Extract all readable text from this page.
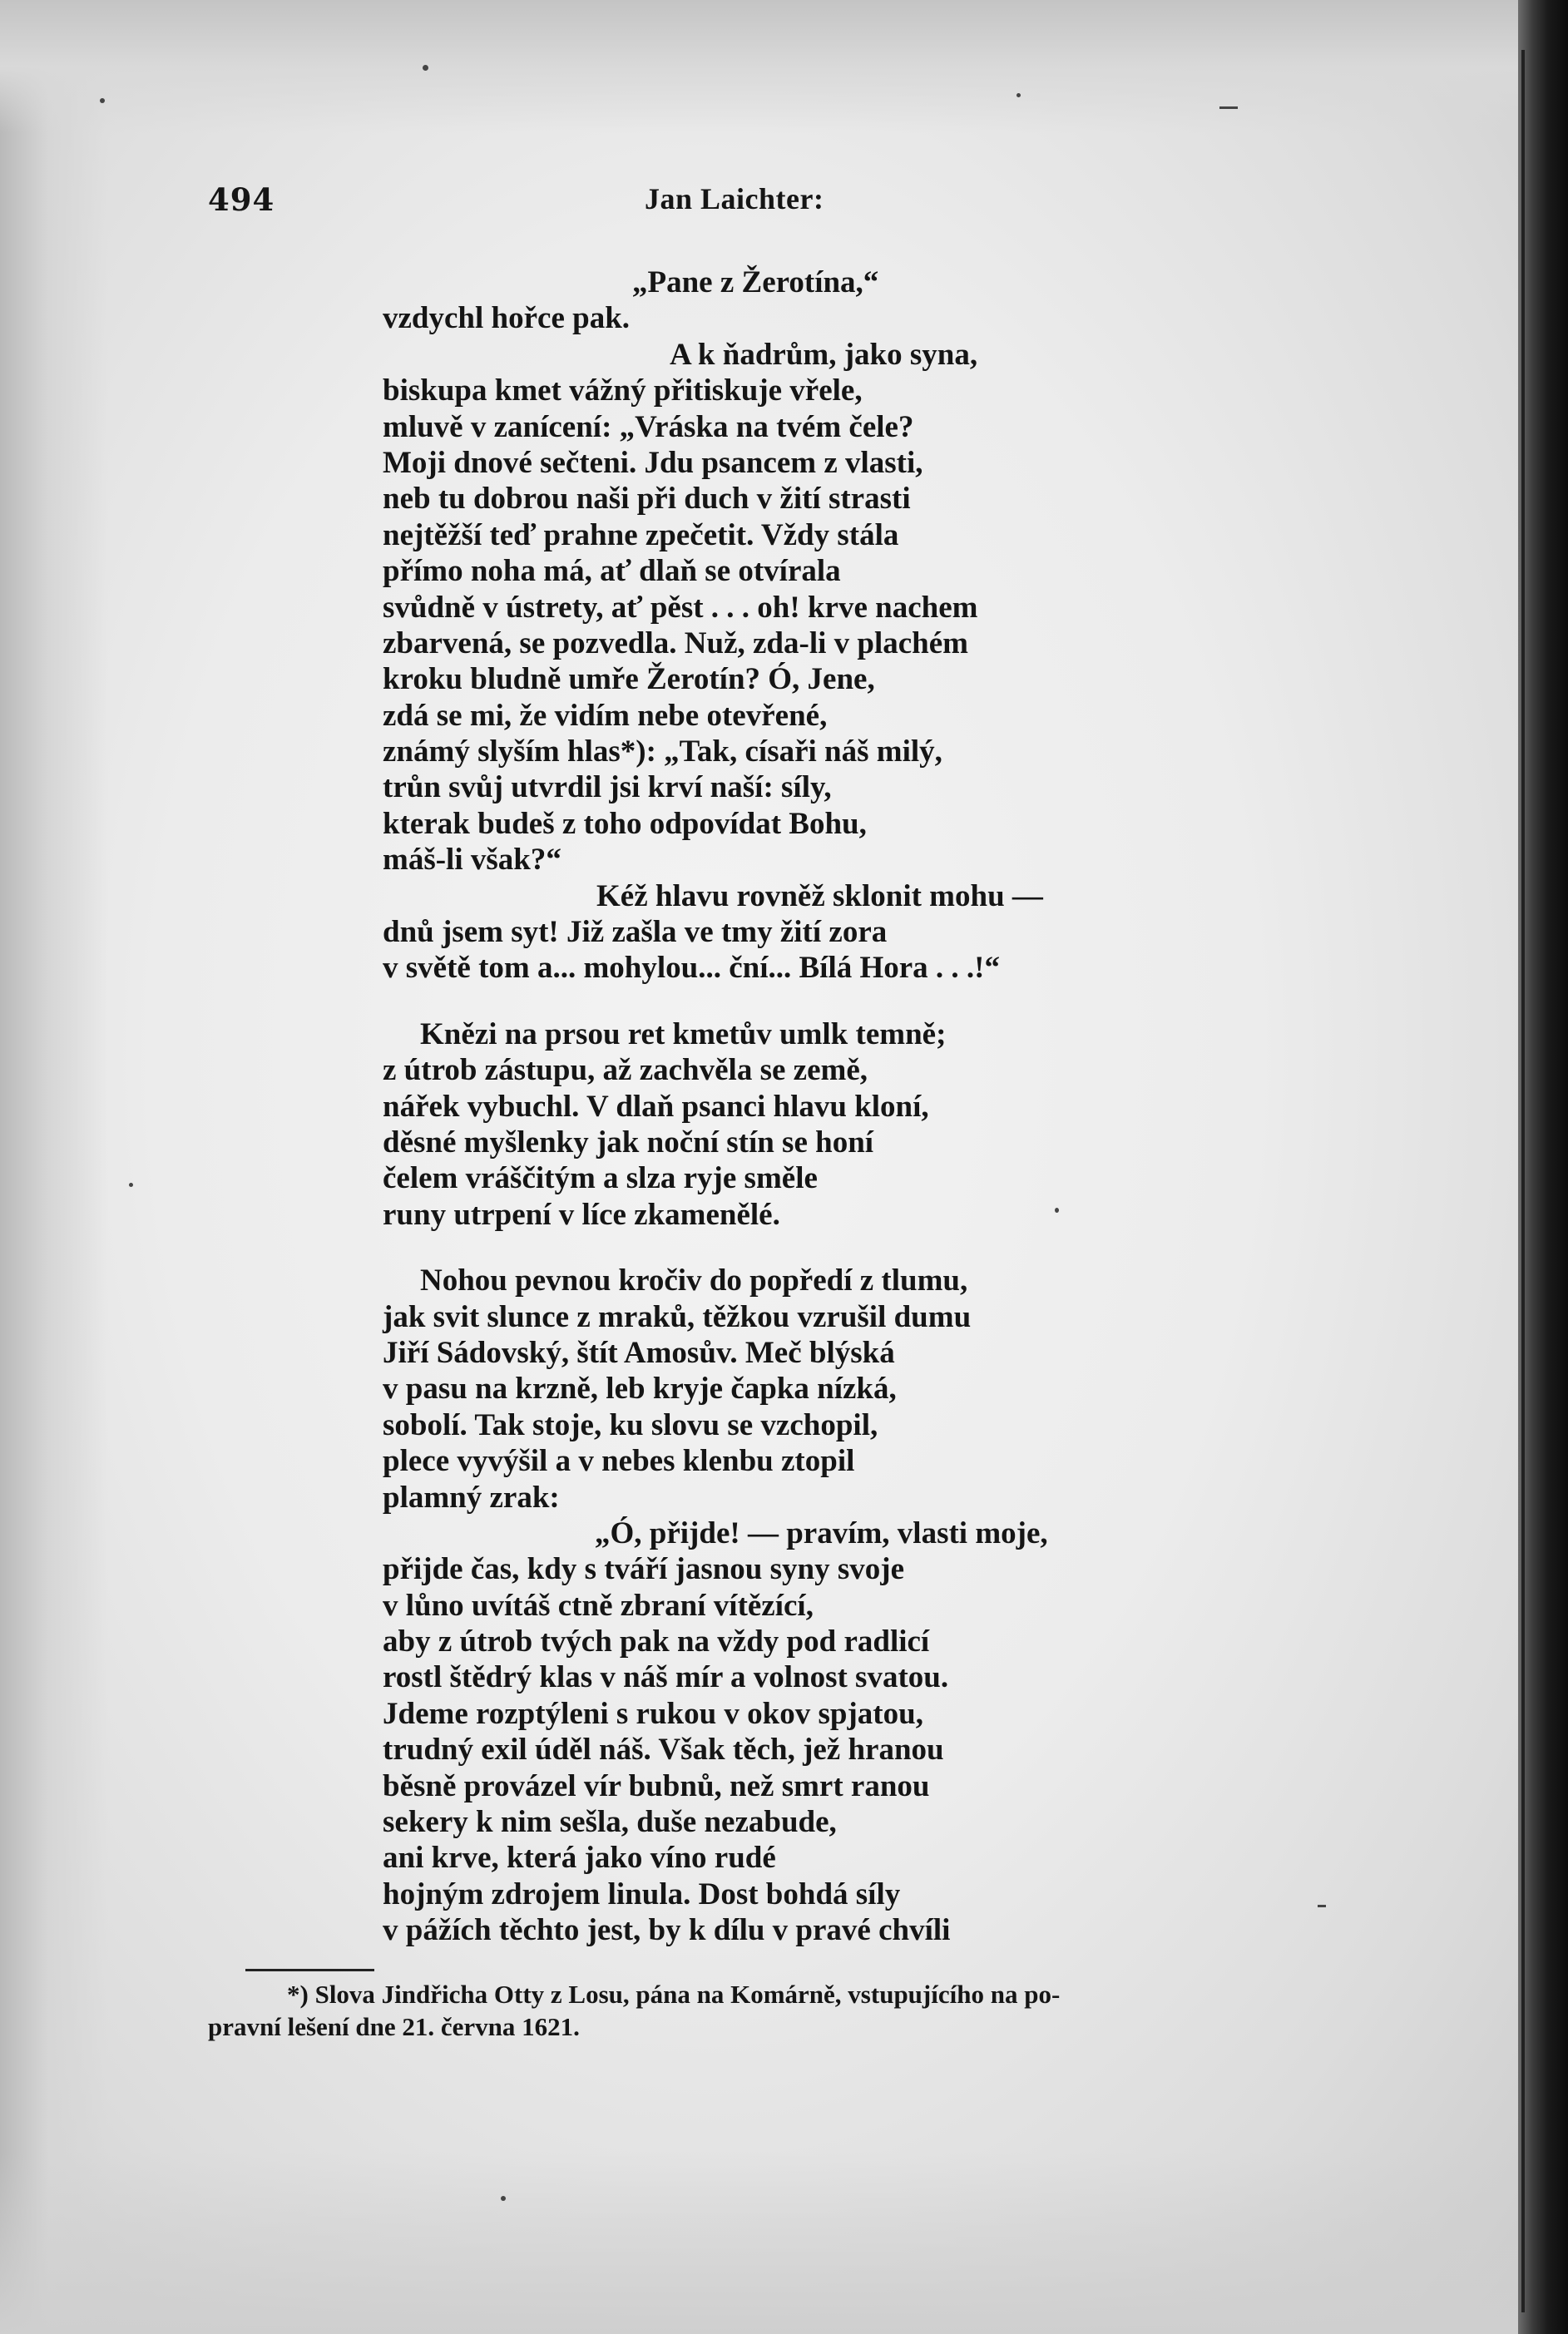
494	Jan Laichter:
„Pane z Žerotína,“
vzdychl hořce pak.
A k ňadrům, jako syna,
biskupa kmet vážný přitiskuje vřele,
mluvě v zanícení: „Vráska na tvém čele?
Moji dnové sečteni. Jdu psancem z vlasti,
neb tu dobrou naši při duch v žití strasti
nejtěžší teď prahne zpečetit. Vždy stála
přímo noha má, ať dlaň se otvírala
svůdně v ústrety, ať pěst . . . oh! krve nachem
zbarvená, se pozvedla. Nuž, zda-li v plachém
kroku bludně umře Žerotín? Ó, Jene,
zdá se mi, že vidím nebe otevřené,
známý slyším hlas*): „Tak, císaři náš milý,
trůn svůj utvrdil jsi krví naší: síly,
kterak budeš z toho odpovídat Bohu,
máš-li však?“
Kéž hlavu rovněž sklonit mohu —
dnů jsem syt! Již zašla ve tmy žití zora
v světě tom a... mohylou... ční... Bílá Hora . . .!“
Knězi na prsou ret kmetův umlk temně;
z útrob zástupu, až zachvěla se země,
nářek vybuchl. V dlaň psanci hlavu kloní,
děsné myšlenky jak noční stín se honí
čelem vráščitým a slza ryje směle
runy utrpení v líce zkamenělé.
Nohou pevnou kročiv do popředí z tlumu,
jak svit slunce z mraků, těžkou vzrušil dumu
Jiří Sádovský, štít Amosův. Meč blýská
v pasu na krzně, leb kryje čapka nízká,
sobolí. Tak stoje, ku slovu se vzchopil,
plece vyvýšil a v nebes klenbu ztopil
plamný zrak:
„Ó, přijde! — pravím, vlasti moje,
přijde čas, kdy s tváří jasnou syny svoje
v lůno uvítáš ctně zbraní vítězící,
aby z útrob tvých pak na vždy pod radlicí
rostl štědrý klas v náš mír a volnost svatou.
Jdeme rozptýleni s rukou v okov spjatou,
trudný exil úděl náš. Však těch, jež hranou
běsně provázel vír bubnů, než smrt ranou
sekery k nim sešla, duše nezabude,
ani krve, která jako víno rudé
hojným zdrojem linula. Dost bohdá síly
v pážích těchto jest, by k dílu v pravé chvíli
*) Slova Jindřicha Otty z Losu, pána na Komárně, vstupujícího na po-
pravní lešení dne 21. června 1621.
